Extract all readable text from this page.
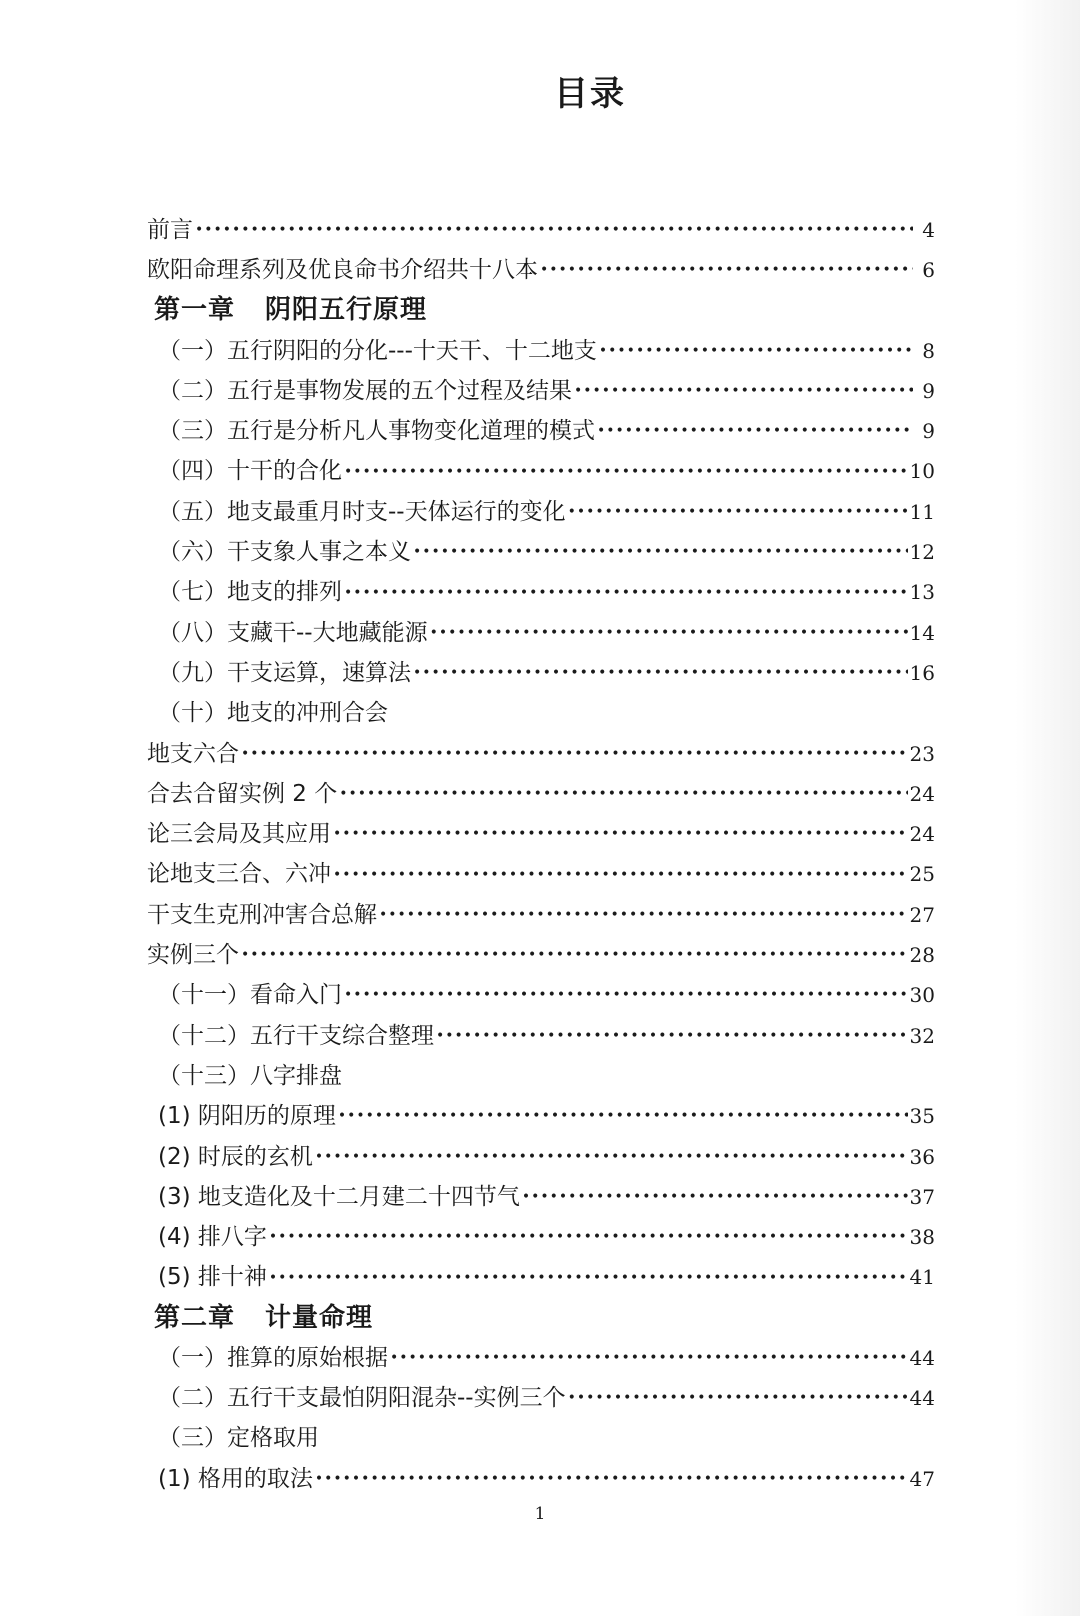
目录
前言 •••••	4
欧阳命理系列及优良命书介绍共十八本 •••••	6
第一章 阴阳五行原理
（一）五行阴阳的分化---十天干、十二地支 •••••	8
（二）五行是事物发展的五个过程及结果 •••••	9
（三）五行是分析凡人事物变化道理的模式 •••••	9
（四）十干的合化 •••••	10
（五）地支最重月时支--天体运行的变化 •••••	11
（六）干支象人事之本义 •••••	12
（七）地支的排列 •••••	13
（八）支藏干--大地藏能源 •••••	14
（九）干支运算，速算法 •••••	16
（十）地支的冲刑合会
地支六合 •••••	23
合去合留实例 2 个 •••••	24
论三会局及其应用 •••••	24
论地支三合、六冲 •••••	25
干支生克刑冲害合总解 •••••	27
实例三个 •••••	28
（十一）看命入门 •••••	30
（十二）五行干支综合整理 •••••	32
（十三）八字排盘
(1) 阴阳历的原理 •••••	35
(2) 时辰的玄机 •••••	36
(3) 地支造化及十二月建二十四节气 •••••	37
(4) 排八字 •••••	38
(5) 排十神 •••••	41
第二章 计量命理
（一）推算的原始根据 •••••	44
（二）五行干支最怕阴阳混杂--实例三个 •••••	44
（三）定格取用
(1) 格用的取法 •••••	47
1
